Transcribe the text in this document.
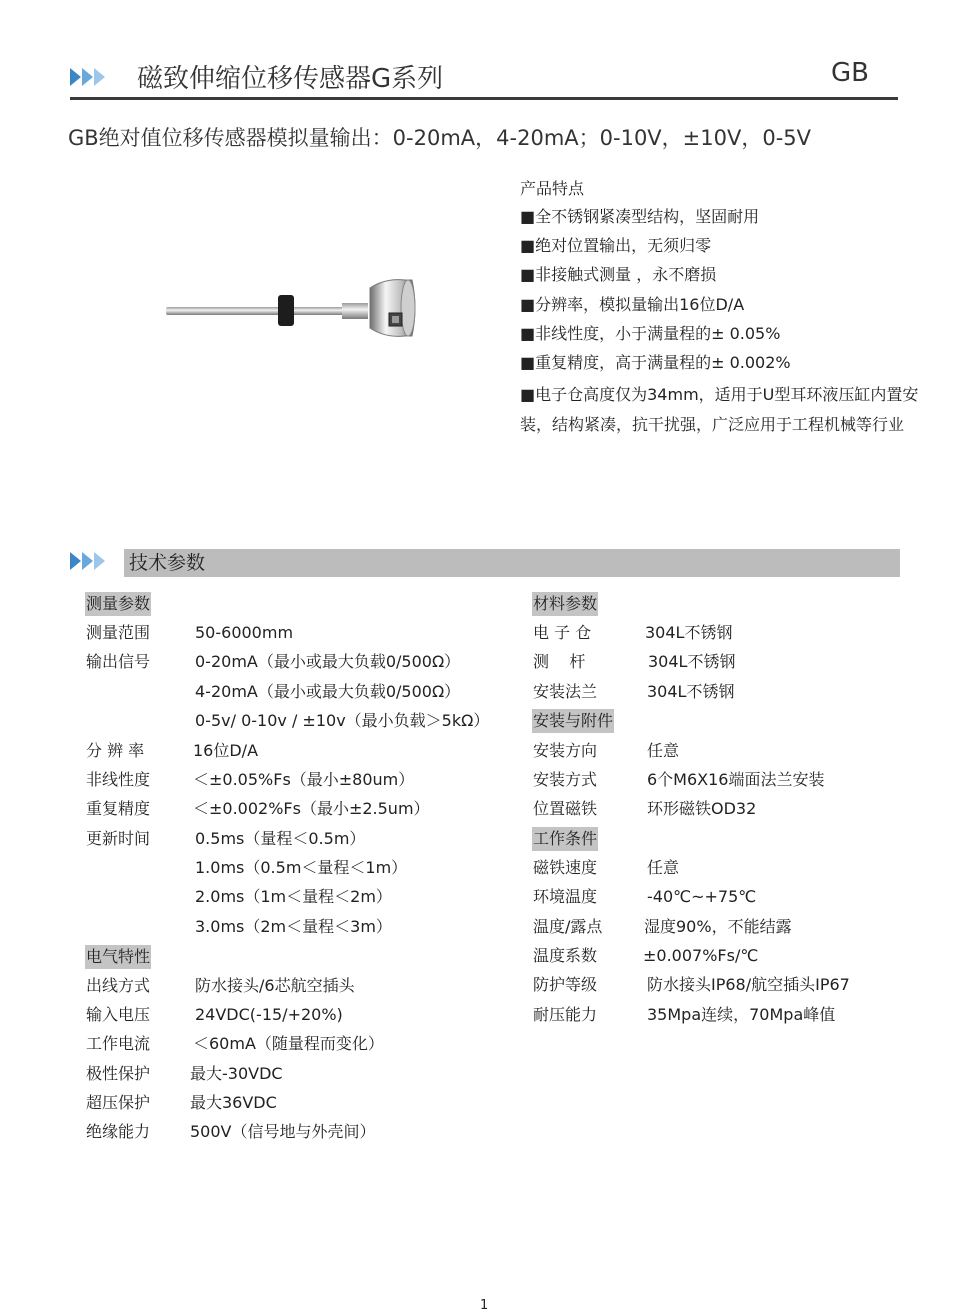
磁致伸缩位移传感器G系列	GB
GB绝对值位移传感器模拟量输出：0-20mA，4-20mA；0-10V，±10V，0-5V
产品特点
■全不锈钢紧凑型结构，坚固耐用
■绝对位置输出，无须归零
■非接触式测量 ，永不磨损
■分辨率，模拟量输出16位D/A
■非线性度，小于满量程的± 0.05%
■重复精度，高于满量程的± 0.002%
■电子仓高度仅为34mm，适用于U型耳环液压缸内置安装，结构紧凑，抗干扰强，广泛应用于工程机械等行业
技术参数
测量参数
测量范围	50-6000mm
输出信号	0-20mA（最小或最大负载0/500Ω）
4-20mA（最小或最大负载0/500Ω）
0-5v/ 0-10v / ±10v（最小负载＞5kΩ）
分 辨 率	16位D/A
非线性度	＜±0.05%Fs（最小±80um）
重复精度	＜±0.002%Fs（最小±2.5um）
更新时间	0.5ms（量程＜0.5m）
1.0ms（0.5m＜量程＜1m）
2.0ms（1m＜量程＜2m）
3.0ms（2m＜量程＜3m）
电气特性
出线方式	防水接头/6芯航空插头
输入电压	24VDC(-15/+20%)
工作电流	＜60mA（随量程而变化）
极性保护 最大-30VDC
超压保护 最大36VDC
绝缘能力 500V（信号地与外壳间）
材料参数
电 子 仓	304L不锈钢
测    杆	304L不锈钢
安装法兰	304L不锈钢
安装与附件
安装方向	任意
安装方式	6个M6X16端面法兰安装
位置磁铁	环形磁铁OD32
工作条件
磁铁速度	任意
环境温度	-40℃~+75℃
温度/露点	湿度90%，不能结露
温度系数	±0.007%Fs/℃
防护等级	防水接头IP68/航空插头IP67
耐压能力	35Mpa连续，70Mpa峰值
1
